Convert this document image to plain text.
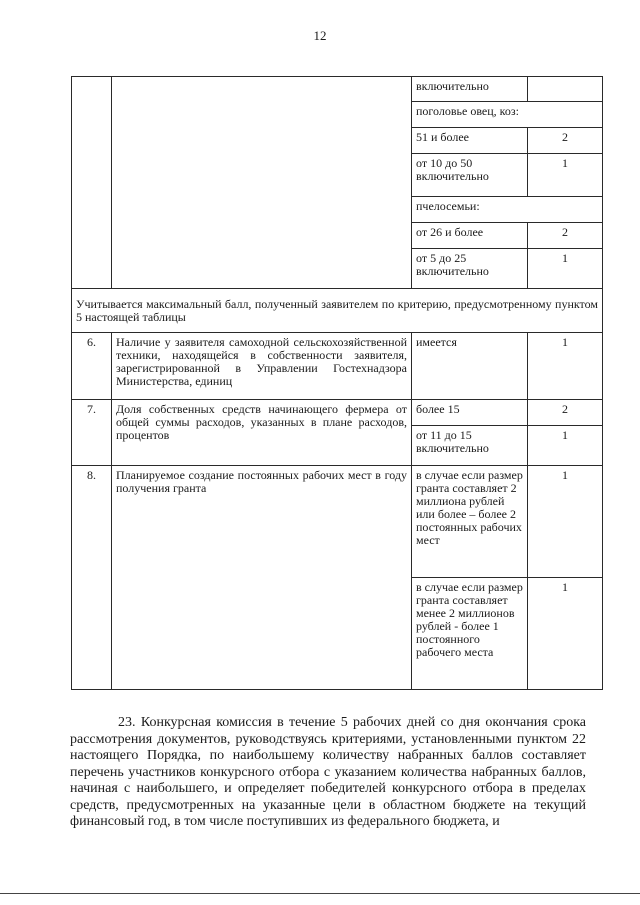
12
		включительно	
		поголовье овец, коз:	
		51 и более	2
		от 10 до 50 включительно	1
		пчелосемьи:	
		от 26 и более	2
		от 5 до 25 включительно	1
Учитывается максимальный балл, полученный заявителем по критерию, предусмотренному пунктом 5 настоящей таблицы			
6.	Наличие у заявителя самоходной сельскохозяйственной техники, находящейся в собственности заявителя, зарегистрированной в Управлении Гостехнадзора Министерства, единиц	имеется	1
7.	Доля собственных средств начинающего фермера от общей суммы расходов, указанных в плане расходов, процентов	более 15	2
		от 11 до 15 включительно	1
8.	Планируемое создание постоянных рабочих мест в году получения гранта	в случае если размер гранта составляет 2 миллиона рублей или более – более 2 постоянных рабочих мест	1
		в случае если размер гранта составляет менее 2 миллионов рублей - более 1 постоянного рабочего места	1

23. Конкурсная комиссия в течение 5 рабочих дней со дня окончания срока рассмотрения документов, руководствуясь критериями, установленными пунктом 22 настоящего Порядка, по наибольшему количеству набранных баллов составляет перечень участников конкурсного отбора с указанием количества набранных баллов, начиная с наибольшего, и определяет победителей конкурсного отбора в пределах средств, предусмотренных на указанные цели в областном бюджете на текущий финансовый год, в том числе поступивших из федерального бюджета, и
